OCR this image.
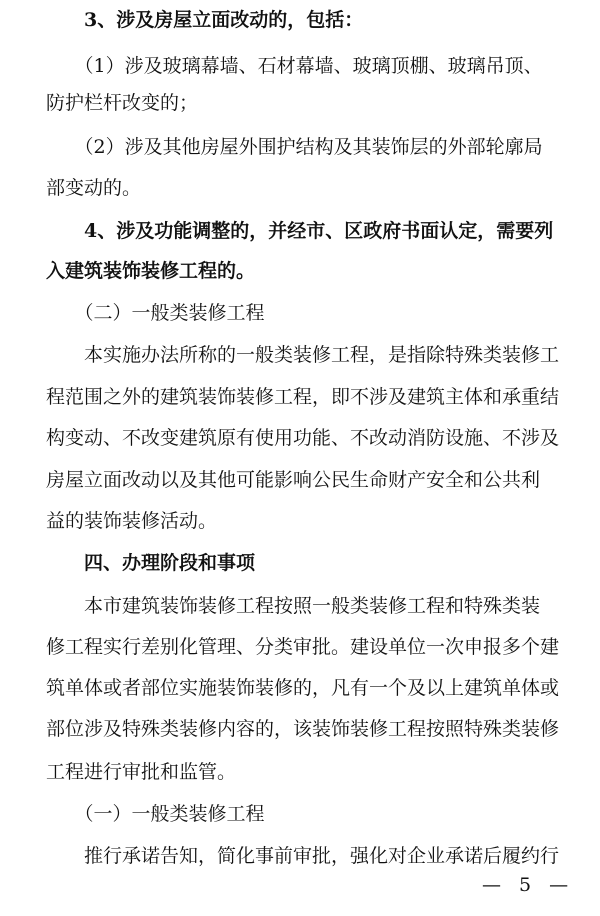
　　3、涉及房屋立面改动的，包括：
　　（1）涉及玻璃幕墙、石材幕墙、玻璃顶棚、玻璃吊顶、
防护栏杆改变的；
　　（2）涉及其他房屋外围护结构及其装饰层的外部轮廓局
部变动的。
　　4、涉及功能调整的，并经市、区政府书面认定，需要列
入建筑装饰装修工程的。
　　（二）一般类装修工程
　　本实施办法所称的一般类装修工程，是指除特殊类装修工
程范围之外的建筑装饰装修工程，即不涉及建筑主体和承重结
构变动、不改变建筑原有使用功能、不改动消防设施、不涉及
房屋立面改动以及其他可能影响公民生命财产安全和公共利
益的装饰装修活动。
　　四、办理阶段和事项
　　本市建筑装饰装修工程按照一般类装修工程和特殊类装
修工程实行差别化管理、分类审批。建设单位一次申报多个建
筑单体或者部位实施装饰装修的，凡有一个及以上建筑单体或
部位涉及特殊类装修内容的，该装饰装修工程按照特殊类装修
工程进行审批和监管。
　　（一）一般类装修工程
　　推行承诺告知，简化事前审批，强化对企业承诺后履约行
— 5 —
